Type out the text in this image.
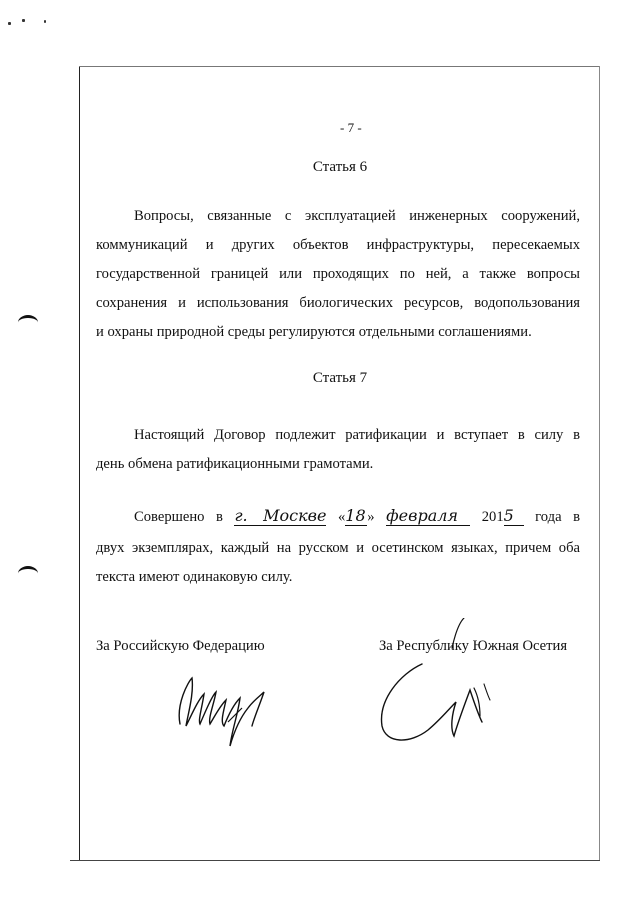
- 7 -
Статья 6
Вопросы, связанные с эксплуатацией инженерных сооружений,
коммуникаций и других объектов инфраструктуры, пересекаемых
государственной границей или проходящих по ней, а также вопросы
сохранения и использования биологических ресурсов, водопользования
и охраны природной среды регулируются отдельными соглашениями.
Статья 7
Настоящий Договор подлежит ратификации и вступает в силу в
день обмена ратификационными грамотами.
Совершено в г. Москве «18 » февраля 2015 года в
двух экземплярах, каждый на русском и осетинском языках, причем оба
текста имеют одинаковую силу.
За Российскую Федерацию	За Республику Южная Осетия
